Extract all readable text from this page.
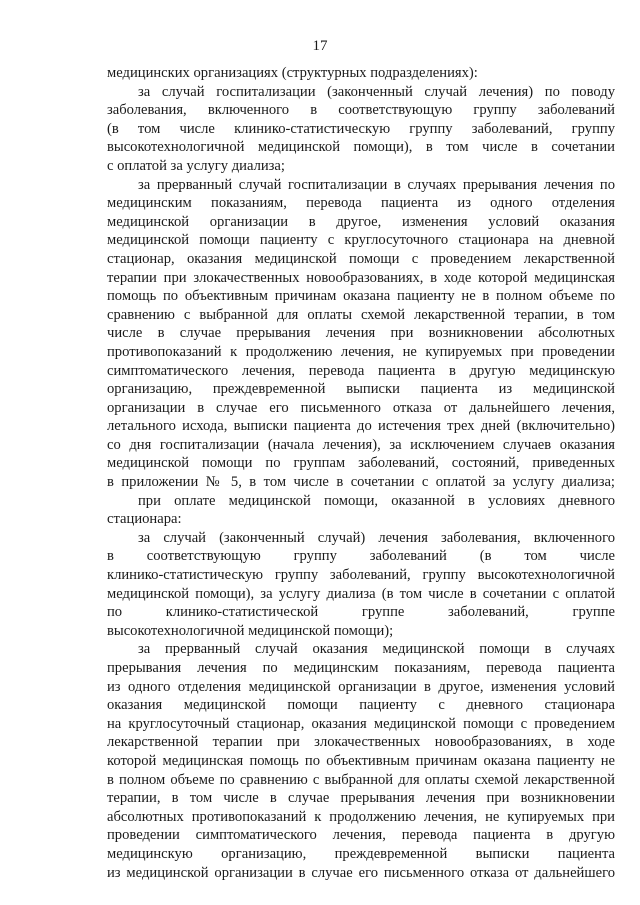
17
медицинских организациях (структурных подразделениях):
за случай госпитализации (законченный случай лечения) по поводу
заболевания, включенного в соответствующую группу заболеваний
(в том числе клинико-статистическую группу заболеваний, группу
высокотехнологичной медицинской помощи), в том числе в сочетании
с оплатой за услугу диализа;
за прерванный случай госпитализации в случаях прерывания лечения по
медицинским показаниям, перевода пациента из одного отделения
медицинской организации в другое, изменения условий оказания
медицинской помощи пациенту с круглосуточного стационара на дневной
стационар, оказания медицинской помощи с проведением лекарственной
терапии при злокачественных новообразованиях, в ходе которой медицинская
помощь по объективным причинам оказана пациенту не в полном объеме по
сравнению с выбранной для оплаты схемой лекарственной терапии, в том
числе в случае прерывания лечения при возникновении абсолютных
противопоказаний к продолжению лечения, не купируемых при проведении
симптоматического лечения, перевода пациента в другую медицинскую
организацию, преждевременной выписки пациента из медицинской
организации в случае его письменного отказа от дальнейшего лечения,
летального исхода, выписки пациента до истечения трех дней (включительно)
со дня госпитализации (начала лечения), за исключением случаев оказания
медицинской помощи по группам заболеваний, состояний, приведенных
в приложении № 5, в том числе в сочетании с оплатой за услугу диализа;
при оплате медицинской помощи, оказанной в условиях дневного
стационара:
за случай (законченный случай) лечения заболевания, включенного
в соответствующую группу заболеваний (в том числе
клинико-статистическую группу заболеваний, группу высокотехнологичной
медицинской помощи), за услугу диализа (в том числе в сочетании с оплатой
по клинико-статистической группе заболеваний, группе
высокотехнологичной медицинской помощи);
за прерванный случай оказания медицинской помощи в случаях
прерывания лечения по медицинским показаниям, перевода пациента
из одного отделения медицинской организации в другое, изменения условий
оказания медицинской помощи пациенту с дневного стационара
на круглосуточный стационар, оказания медицинской помощи с проведением
лекарственной терапии при злокачественных новообразованиях, в ходе
которой медицинская помощь по объективным причинам оказана пациенту не
в полном объеме по сравнению с выбранной для оплаты схемой лекарственной
терапии, в том числе в случае прерывания лечения при возникновении
абсолютных противопоказаний к продолжению лечения, не купируемых при
проведении симптоматического лечения, перевода пациента в другую
медицинскую организацию, преждевременной выписки пациента
из медицинской организации в случае его письменного отказа от дальнейшего
